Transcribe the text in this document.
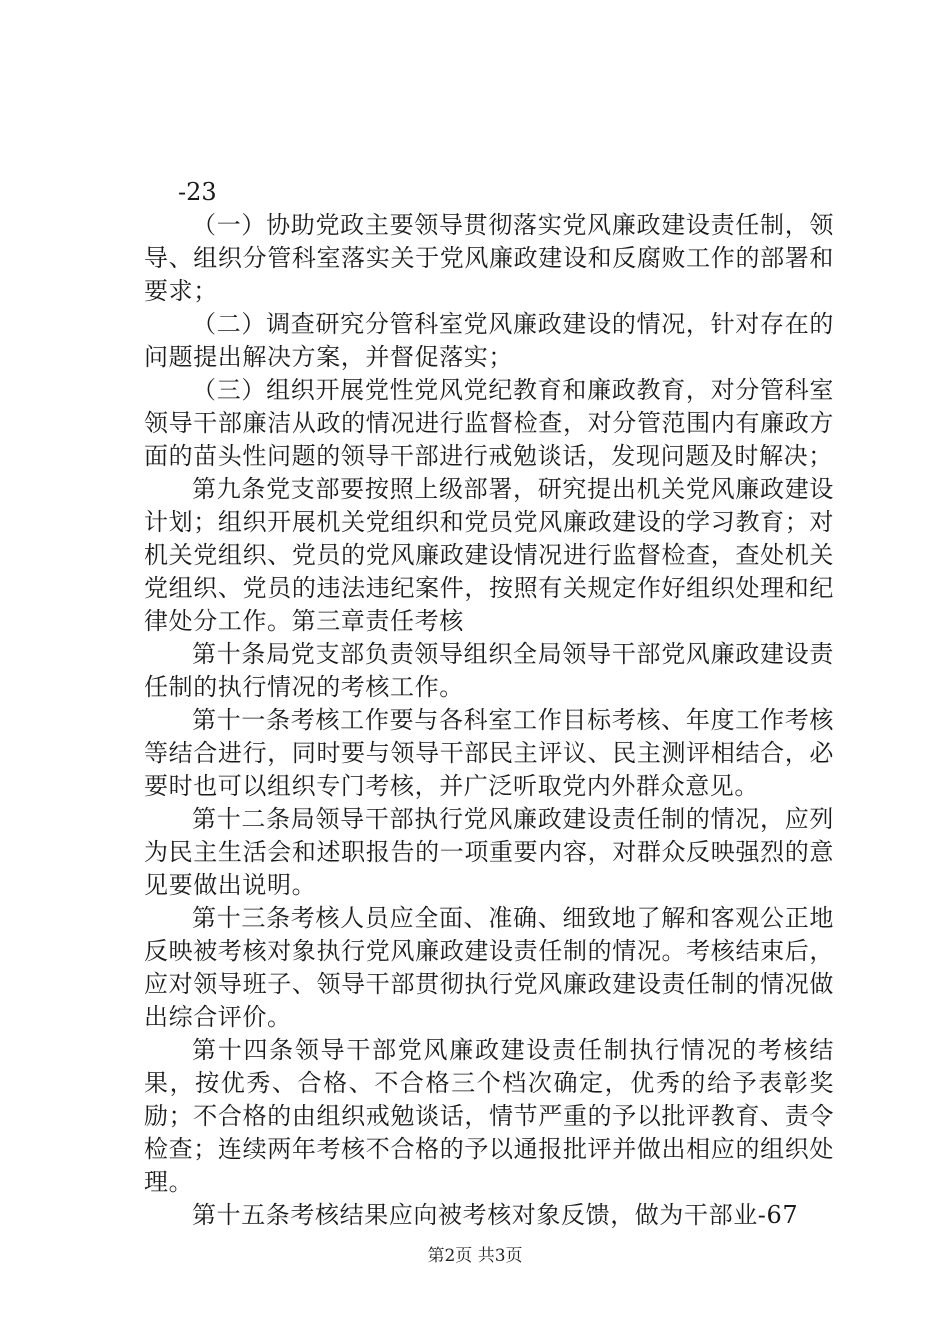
-23

（一）协助党政主要领导贯彻落实党风廉政建设责任制，领导、组织分管科室落实关于党风廉政建设和反腐败工作的部署和要求；

（二）调查研究分管科室党风廉政建设的情况，针对存在的问题提出解决方案，并督促落实；

（三）组织开展党性党风党纪教育和廉政教育，对分管科室领导干部廉洁从政的情况进行监督检查，对分管范围内有廉政方面的苗头性问题的领导干部进行戒勉谈话，发现问题及时解决；

第九条党支部要按照上级部署，研究提出机关党风廉政建设计划；组织开展机关党组织和党员党风廉政建设的学习教育；对机关党组织、党员的党风廉政建设情况进行监督检查，查处机关党组织、党员的违法违纪案件，按照有关规定作好组织处理和纪律处分工作。第三章责任考核

第十条局党支部负责领导组织全局领导干部党风廉政建设责任制的执行情况的考核工作。

第十一条考核工作要与各科室工作目标考核、年度工作考核等结合进行，同时要与领导干部民主评议、民主测评相结合，必要时也可以组织专门考核，并广泛听取党内外群众意见。

第十二条局领导干部执行党风廉政建设责任制的情况，应列为民主生活会和述职报告的一项重要内容，对群众反映强烈的意见要做出说明。

第十三条考核人员应全面、准确、细致地了解和客观公正地反映被考核对象执行党风廉政建设责任制的情况。考核结束后，应对领导班子、领导干部贯彻执行党风廉政建设责任制的情况做出综合评价。

第十四条领导干部党风廉政建设责任制执行情况的考核结果，按优秀、合格、不合格三个档次确定，优秀的给予表彰奖励；不合格的由组织戒勉谈话，情节严重的予以批评教育、责令检查；连续两年考核不合格的予以通报批评并做出相应的组织处理。

第十五条考核结果应向被考核对象反馈，做为干部业-67

第2页 共3页
